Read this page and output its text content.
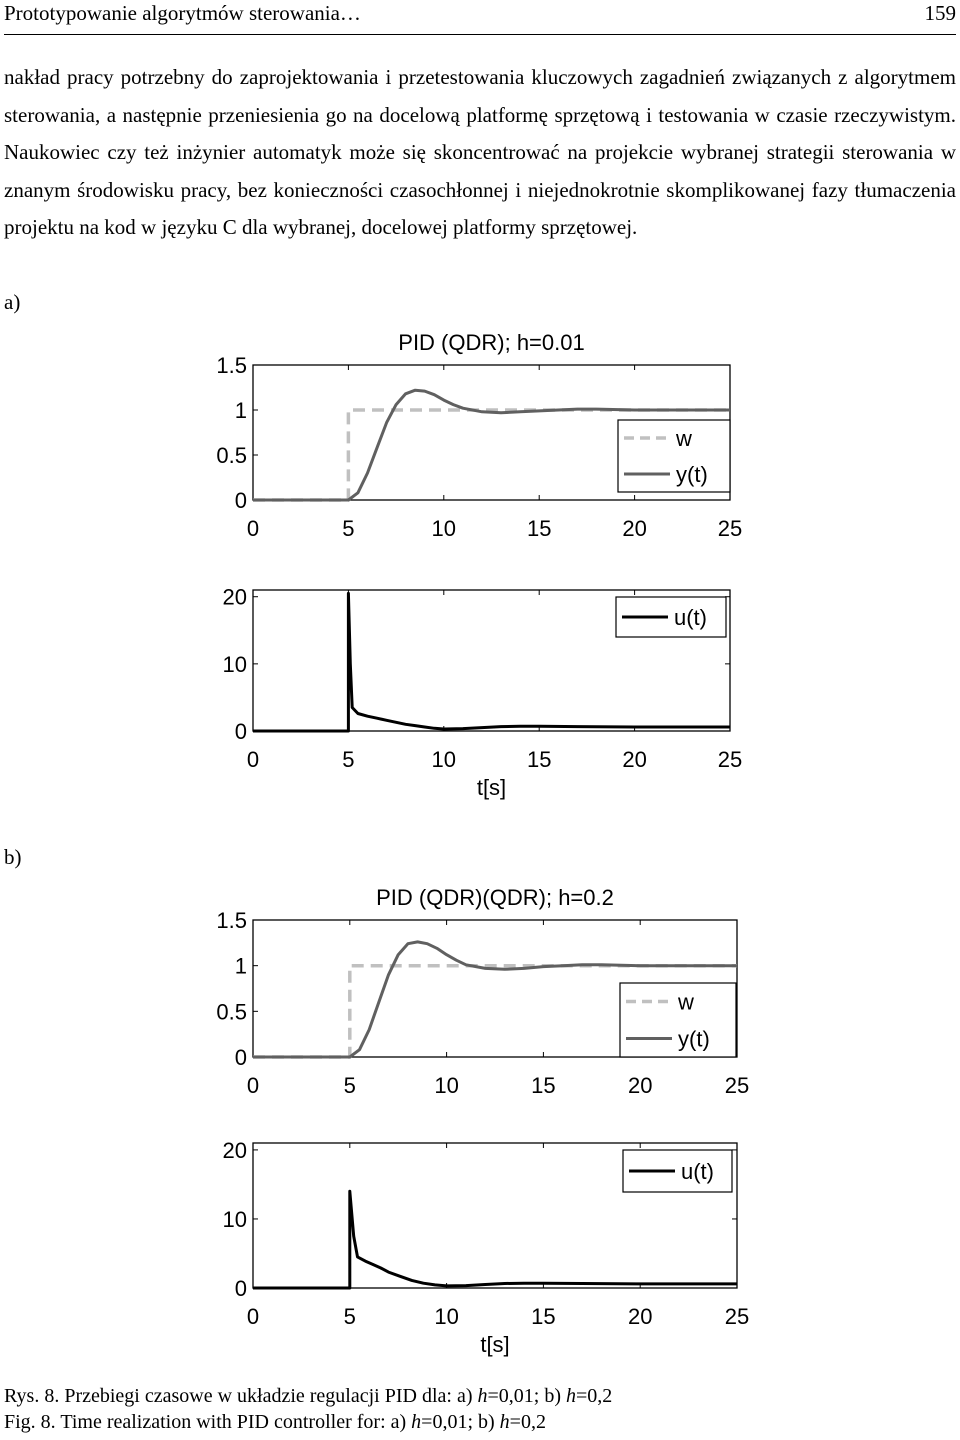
Prototypowanie algorytmów sterowania…	159
nakład pracy potrzebny do zaprojektowania i przetestowania kluczowych zagadnień związanych z algorytmem sterowania, a następnie przeniesienia go na docelową platformę sprzętową i testowania w czasie rzeczywistym. Naukowiec czy też inżynier automatyk może się skoncentrować na projekcie wybranej strategii sterowania w znanym środowisku pracy, bez konieczności czasochłonnej i niejednokrotnie skomplikowanej fazy tłumaczenia projektu na kod w języku C dla wybranej, docelowej platformy sprzętowej.
a)
b)
0	5	10	15	20	25
0
0.5
1
1.5
PID (QDR); h=0.01
w
y(t)
0	5	10	15	20	25
0
10
20
t[s]
u(t)
0	5	10	15	20	25
0
0.5
1
1.5
PID (QDR)(QDR); h=0.2
w
y(t)
0	5	10	15	20	25
0
10
20
t[s]
u(t)
Rys. 8. Przebiegi czasowe w układzie regulacji PID dla: a) h=0,01; b) h=0,2
Fig. 8. Time realization with PID controller for: a) h=0,01; b) h=0,2
